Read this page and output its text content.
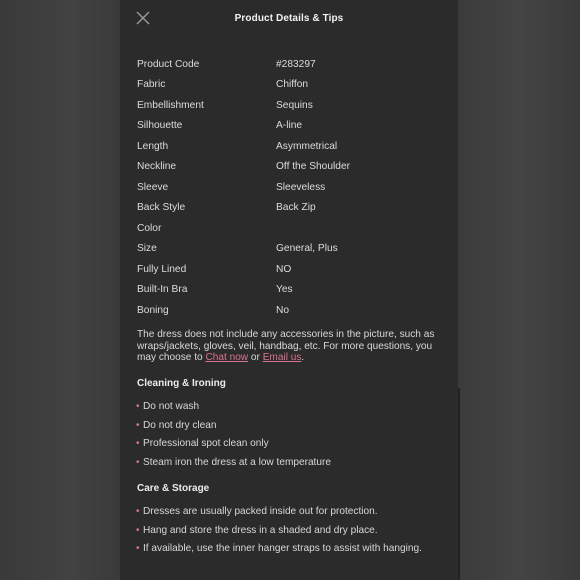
Product Details & Tips
Product Code	#283297
Fabric	Chiffon
Embellishment	Sequins
Silhouette	A-line
Length	Asymmetrical
Neckline	Off the Shoulder
Sleeve	Sleeveless
Back Style	Back Zip
Color
Size	General, Plus
Fully Lined	NO
Built-In Bra	Yes
Boning	No
The dress does not include any accessories in the picture, such as wraps/jackets, gloves, veil, handbag, etc. For more questions, you may choose to Chat now or Email us.
Cleaning & Ironing
• Do not wash
• Do not dry clean
• Professional spot clean only
• Steam iron the dress at a low temperature
Care & Storage
• Dresses are usually packed inside out for protection.
• Hang and store the dress in a shaded and dry place.
• If available, use the inner hanger straps to assist with hanging.
